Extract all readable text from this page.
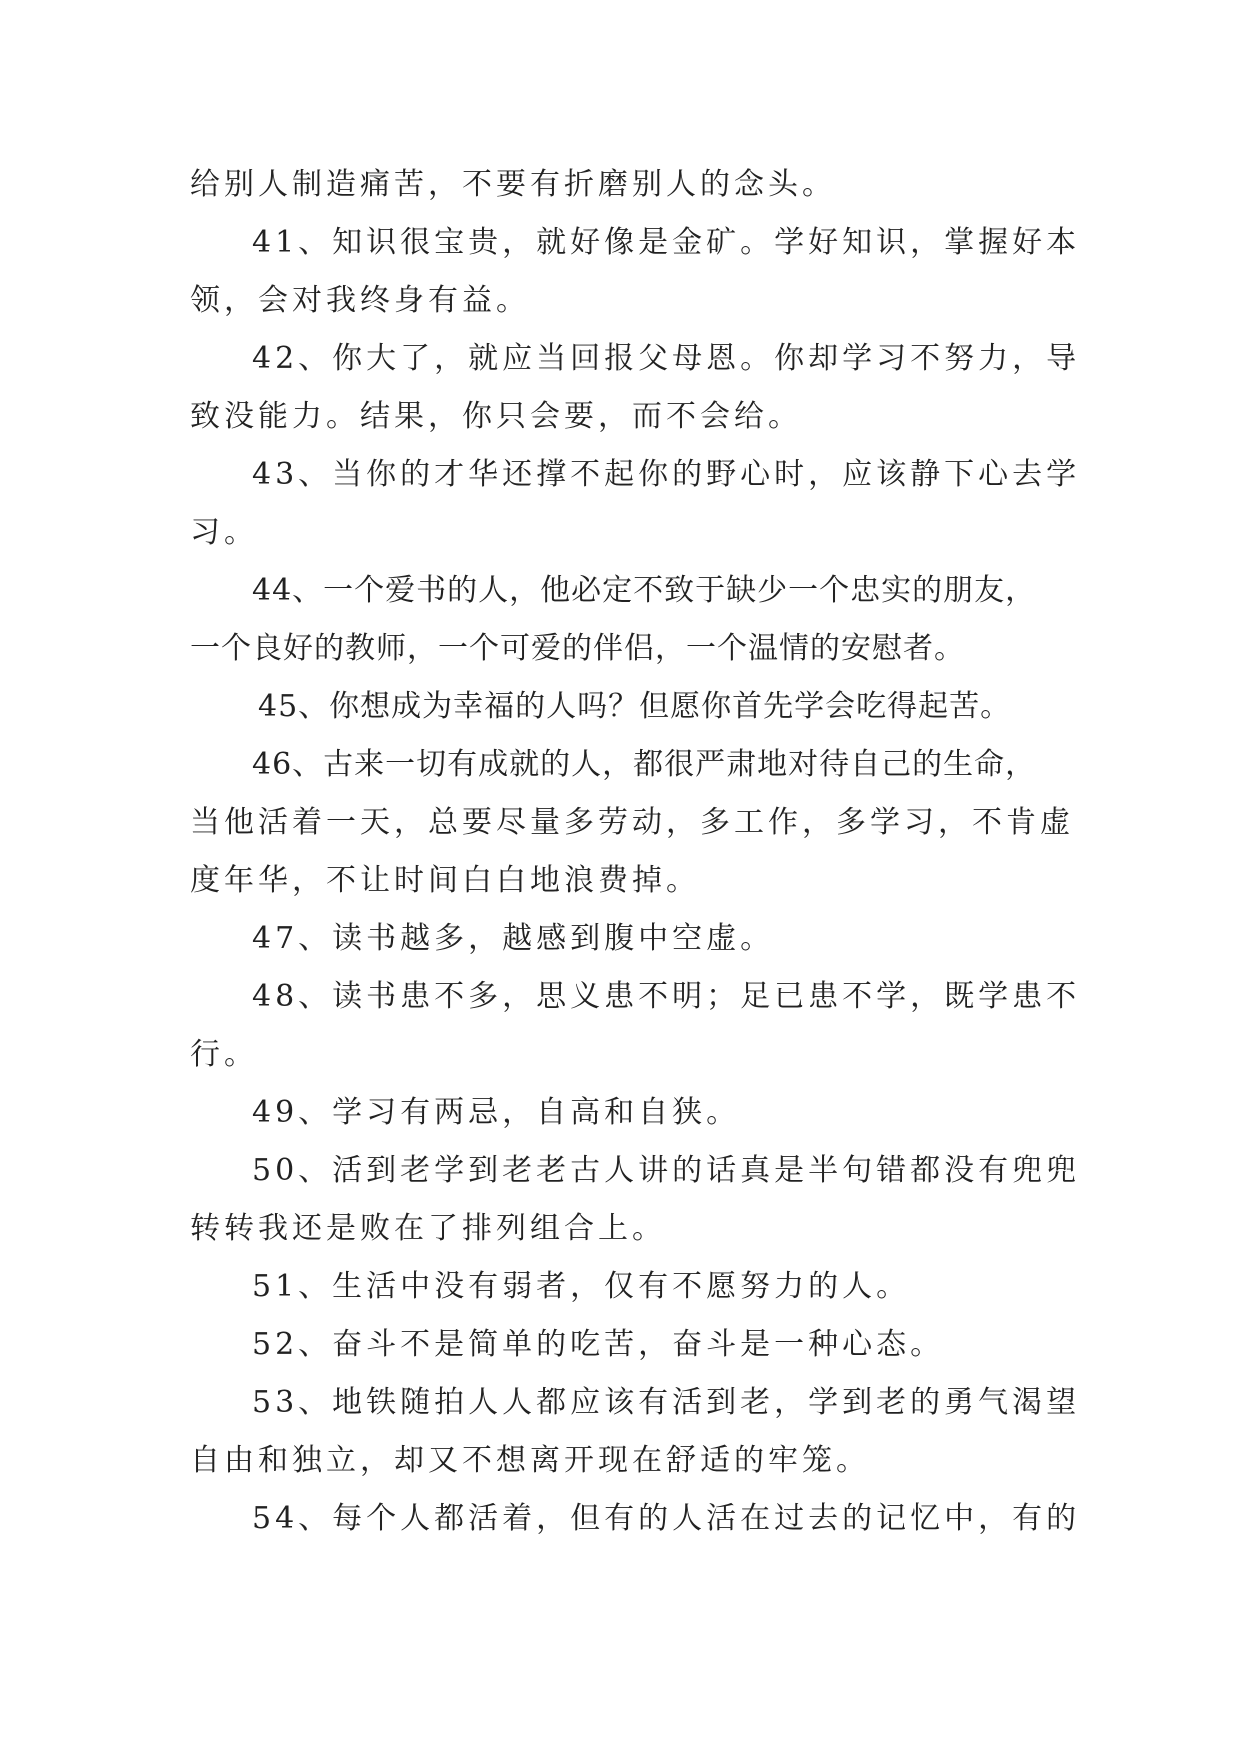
给别人制造痛苦，不要有折磨别人的念头。
41、知识很宝贵，就好像是金矿。学好知识，掌握好本
领，会对我终身有益。
42、你大了，就应当回报父母恩。你却学习不努力，导
致没能力。结果，你只会要，而不会给。
43、当你的才华还撑不起你的野心时，应该静下心去学
习。
44、一个爱书的人，他必定不致于缺少一个忠实的朋友，
一个良好的教师，一个可爱的伴侣，一个温情的安慰者。
45、你想成为幸福的人吗？但愿你首先学会吃得起苦。
46、古来一切有成就的人，都很严肃地对待自己的生命，
当他活着一天，总要尽量多劳动，多工作，多学习，不肯虚
度年华，不让时间白白地浪费掉。
47、读书越多，越感到腹中空虚。
48、读书患不多，思义患不明；足已患不学，既学患不
行。
49、学习有两忌，自高和自狭。
50、活到老学到老老古人讲的话真是半句错都没有兜兜
转转我还是败在了排列组合上。
51、生活中没有弱者，仅有不愿努力的人。
52、奋斗不是简单的吃苦，奋斗是一种心态。
53、地铁随拍人人都应该有活到老，学到老的勇气渴望
自由和独立，却又不想离开现在舒适的牢笼。
54、每个人都活着，但有的人活在过去的记忆中，有的
